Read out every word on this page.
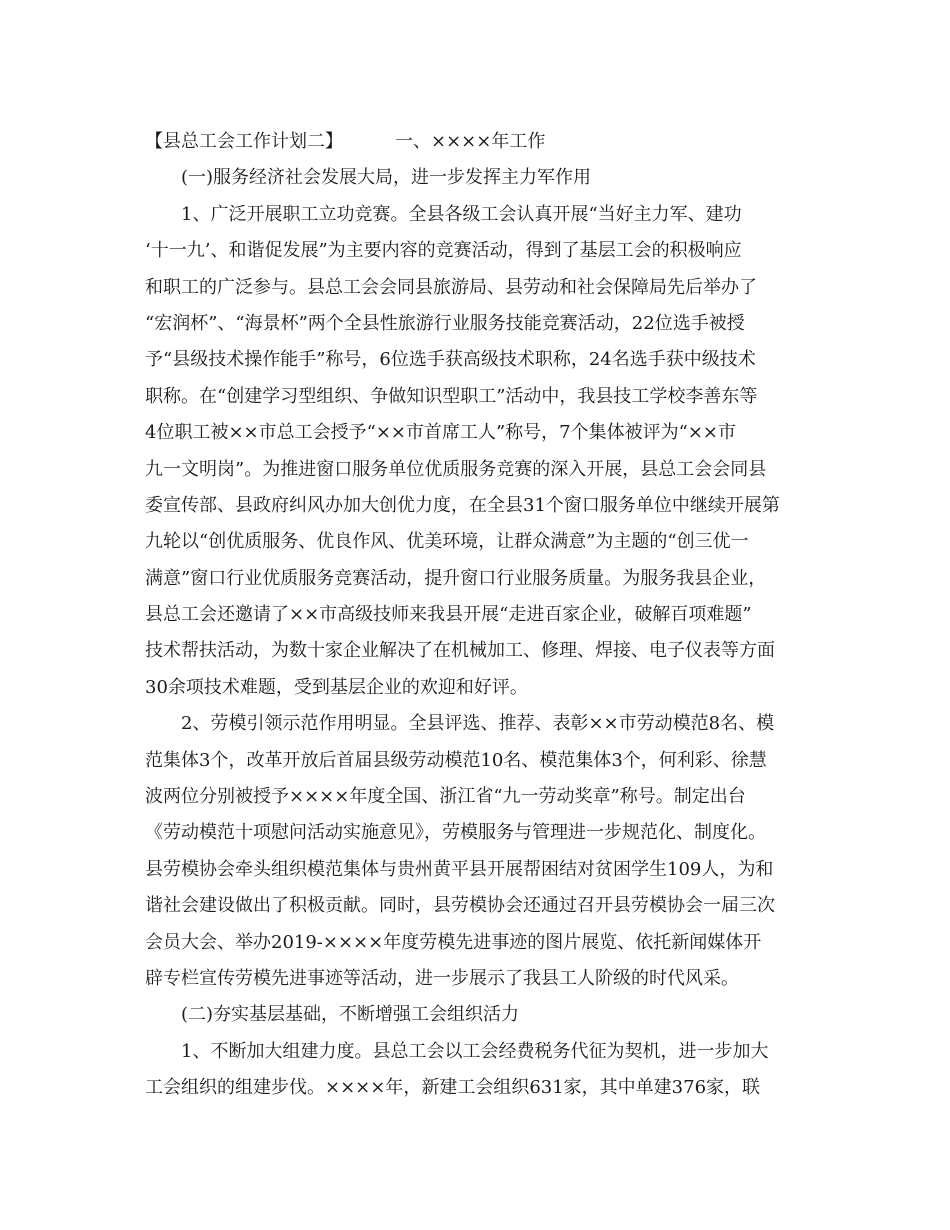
【县总工会工作计划二】	一、××××年工作
(一)服务经济社会发展大局，进一步发挥主力军作用
1、广泛开展职工立功竞赛。全县各级工会认真开展“当好主力军、建功
‘十一九’、和谐促发展”为主要内容的竞赛活动，得到了基层工会的积极响应
和职工的广泛参与。县总工会会同县旅游局、县劳动和社会保障局先后举办了
“宏润杯”、“海景杯”两个全县性旅游行业服务技能竞赛活动，22位选手被授
予“县级技术操作能手”称号，6位选手获高级技术职称，24名选手获中级技术
职称。在“创建学习型组织、争做知识型职工”活动中，我县技工学校李善东等
4位职工被××市总工会授予“××市首席工人”称号，7个集体被评为“××市
九一文明岗”。为推进窗口服务单位优质服务竞赛的深入开展，县总工会会同县
委宣传部、县政府纠风办加大创优力度，在全县31个窗口服务单位中继续开展第
九轮以“创优质服务、优良作风、优美环境，让群众满意”为主题的“创三优一
满意”窗口行业优质服务竞赛活动，提升窗口行业服务质量。为服务我县企业，
县总工会还邀请了××市高级技师来我县开展“走进百家企业，破解百项难题”
技术帮扶活动，为数十家企业解决了在机械加工、修理、焊接、电子仪表等方面
30余项技术难题，受到基层企业的欢迎和好评。
2、劳模引领示范作用明显。全县评选、推荐、表彰××市劳动模范8名、模
范集体3个，改革开放后首届县级劳动模范10名、模范集体3个，何利彩、徐慧
波两位分别被授予××××年度全国、浙江省“九一劳动奖章”称号。制定出台
《劳动模范十项慰问活动实施意见》，劳模服务与管理进一步规范化、制度化。
县劳模协会牵头组织模范集体与贵州黄平县开展帮困结对贫困学生109人，为和
谐社会建设做出了积极贡献。同时，县劳模协会还通过召开县劳模协会一届三次
会员大会、举办2019-××××年度劳模先进事迹的图片展览、依托新闻媒体开
辟专栏宣传劳模先进事迹等活动，进一步展示了我县工人阶级的时代风采。
(二)夯实基层基础，不断增强工会组织活力
1、不断加大组建力度。县总工会以工会经费税务代征为契机，进一步加大
工会组织的组建步伐。××××年，新建工会组织631家，其中单建376家，联
